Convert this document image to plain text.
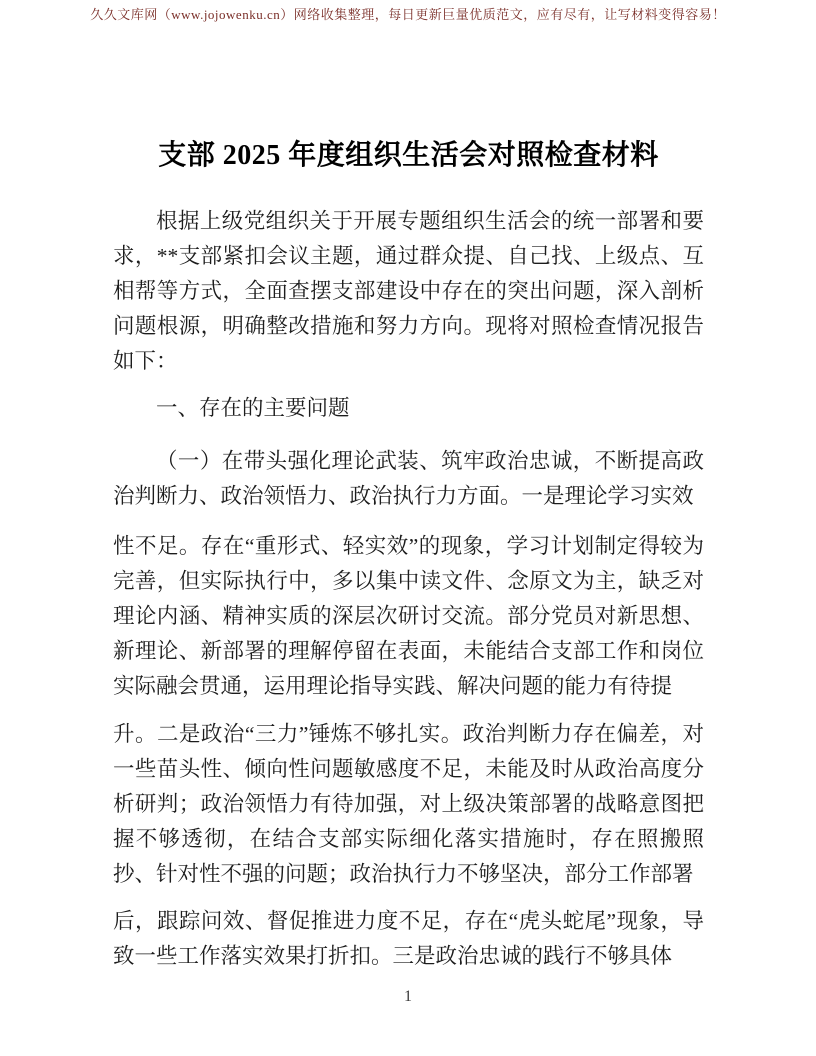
久久文库网（www.jojowenku.cn）网络收集整理，每日更新巨量优质范文，应有尽有，让写材料变得容易！
支部 2025 年度组织生活会对照检查材料

根据上级党组织关于开展专题组织生活会的统一部署和要求，**支部紧扣会议主题，通过群众提、自己找、上级点、互相帮等方式，全面查摆支部建设中存在的突出问题，深入剖析问题根源，明确整改措施和努力方向。现将对照检查情况报告如下：

一、存在的主要问题

（一）在带头强化理论武装、筑牢政治忠诚，不断提高政治判断力、政治领悟力、政治执行力方面。一是理论学习实效

性不足。存在“重形式、轻实效”的现象，学习计划制定得较为完善，但实际执行中，多以集中读文件、念原文为主，缺乏对理论内涵、精神实质的深层次研讨交流。部分党员对新思想、新理论、新部署的理解停留在表面，未能结合支部工作和岗位实际融会贯通，运用理论指导实践、解决问题的能力有待提

升。二是政治“三力”锤炼不够扎实。政治判断力存在偏差，对一些苗头性、倾向性问题敏感度不足，未能及时从政治高度分析研判；政治领悟力有待加强，对上级决策部署的战略意图把握不够透彻，在结合支部实际细化落实措施时，存在照搬照抄、针对性不强的问题；政治执行力不够坚决，部分工作部署

后，跟踪问效、督促推进力度不足，存在“虎头蛇尾”现象，导致一些工作落实效果打折扣。三是政治忠诚的践行不够具体

1
